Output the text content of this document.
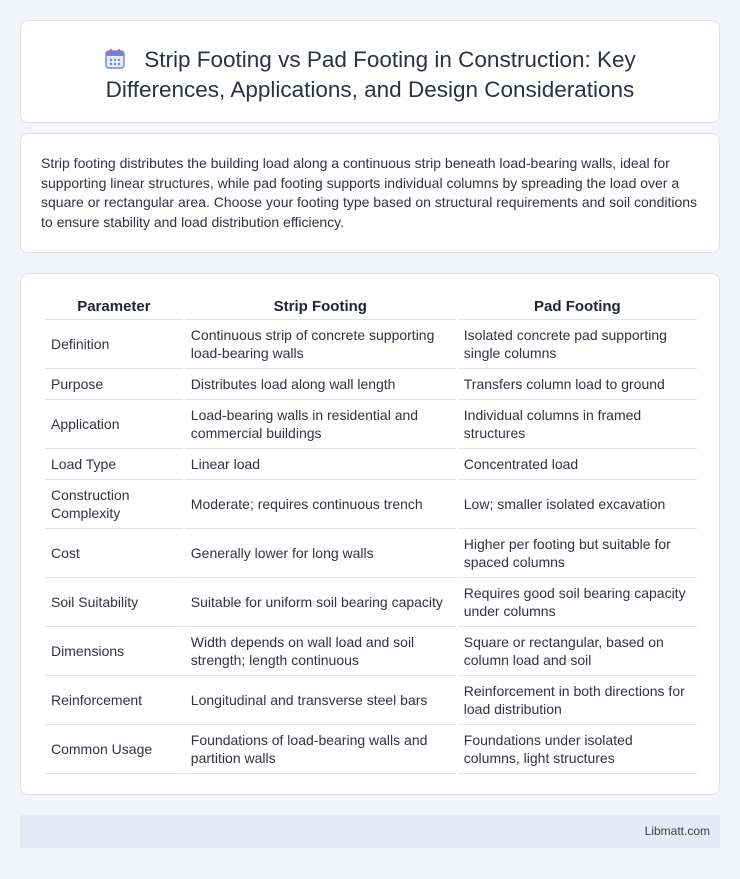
Strip Footing vs Pad Footing in Construction: Key Differences, Applications, and Design Considerations

Strip footing distributes the building load along a continuous strip beneath load-bearing walls, ideal for supporting linear structures, while pad footing supports individual columns by spreading the load over a square or rectangular area. Choose your footing type based on structural requirements and soil conditions to ensure stability and load distribution efficiency.

Parameter	Strip Footing	Pad Footing
Definition	Continuous strip of concrete supporting load-bearing walls	Isolated concrete pad supporting single columns
Purpose	Distributes load along wall length	Transfers column load to ground
Application	Load-bearing walls in residential and commercial buildings	Individual columns in framed structures
Load Type	Linear load	Concentrated load
Construction Complexity	Moderate; requires continuous trench	Low; smaller isolated excavation
Cost	Generally lower for long walls	Higher per footing but suitable for spaced columns
Soil Suitability	Suitable for uniform soil bearing capacity	Requires good soil bearing capacity under columns
Dimensions	Width depends on wall load and soil strength; length continuous	Square or rectangular, based on column load and soil
Reinforcement	Longitudinal and transverse steel bars	Reinforcement in both directions for load distribution
Common Usage	Foundations of load-bearing walls and partition walls	Foundations under isolated columns, light structures
Libmatt.com
